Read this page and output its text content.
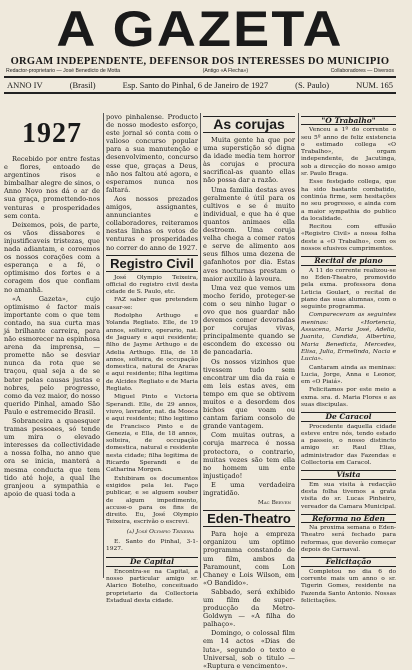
A GAZETA
ORGAM INDEPENDENTE, DEFENSOR DOS INTERESSES DO MUNICIPIO
Redactor-proprietario — José Benedicto de Motta	(Antigo «A Flecha»)	Collaboradores — Diversos
ANNO IV	(Brasil)	Esp. Santo do Pinhal, 6 de Janeiro de 1927	(S. Paulo)	NUM. 165
1927

Recebido por entre festas e flores, entoado de argentinos risos e bimbalhar alegre de sinos, o Anno Novo nos dá o ar de sua graça, promettendo-nos venturas e prosperidades sem conta.

Deixemos, pois, de parte, os vãos dissabores e injustificaveis tristezas, que nada adiantam, e coroemos os nossos corações com a esperança e a fé, o optimismo dos fortes e a coragem dos que confiam no amanhã.

«A Gazeta», cujo optimismo é factor mais importante com o que tem contado, na sua curta mas já brilhante carreira, para não esmorecer na espinhosa arena da imprensa, — promette não se desviar nunca da rota que se traçou, qual seja a de se bater pelas causas justas e nobres, pelo progresso, como da vez maior, do nosso querido Pinhal, amado São Paulo e estremecido Brasil.

Sobranceira a quaesquer tramas pessoaes, só tende um mira o elevado interesses da collectividade a nossa folha, no anno que ora se inicia, manterá a mesma conducta que tem tido até hoje, a qual lhe granjeou a sympathia e apoio de quasi toda a

povo pinhalense. Producto de nosso modesto esforço, este jornal só conta com o valioso concurso popular para a sua manutenção e desenvolvimento, concurso esse que, graças a Deus, não nos faltou até agora, e esperamos nunca nos faltará.

Aos nossos prezados amigos, assignantes, annunciantes e collaboradores, reiteramos nestas linhas os votos de venturas e prosperidades no correr do anno de 1927.

Registro Civil

José Olympio Teixeira, official do registro civil desta cidade de S. Paulo, etc.

FAZ saber que pretendem casar-se:

Rodolpho Arthugo e Yolanda Regliato. Elle, de 19 annos, solteiro, operario, nat. de Jaguary e aqui residente; filho de Jayme Arthugo e de Adelia Arthugo. Ella, de 18 annos, solteira, de occupação domestica, natural de Araras e aqui residente; filha legitima de Alcides Regliato e de Maria Regliato.

Miguel Pinto e Victoria Sperandi. Elle, de 29 annos, viuvo, lavrador, nat. da Mooca e aqui residente; filho legitimo de Francisco Pinto e de Genezia, e Ella, de 18 annos, solteira, de occupação domestica, natural e residente nesta cidade; filha legitima de Ricardo Sperandi e de Catharina Morgen.

Exhibiram os documentos exigidos pela lei. Faço publicar, e se alguem souber de algum impedimento, accuse-o para os fins de direito. Eu, José Olympio Teixeira, escrivão o escrevi.

(a) José Olympio Teixeira

E. Santo do Pinhal, 3-1-1927.

De Capital

Encontra-se na Capital, a nosso particular amigo sr. Alarico Botelho, conceituado proprietario da Collectoria Estadual desta cidade.

As corujas

Muita gente ha que por uma superstição só digna da idade media tem horror às corujas e procura sacrifical-as quanto ellas não possa dar a razão.

Uma familia destas aves geralmente é útil para os cultivos e se é muito individual, e que ha é que quantos animaes ella destroem. Uma coruja velha chega a comer ratos e serve de alimento aos seus filhos uma dezena de gafanhotos por dia. Estas aves nocturnas prestam o maior auxilio à lavoura.

Uma vez que vemos um mocho ferido, proteger-se com o seu ninho lugar o ovo que nos guardar não devemos comer devoradas por corujas vivas, principalmente quando se escondem do excesso ou de pancadaria.

Os nossos vizinhos que tivessem tudo sem encontrar um dia da raia e em leis estas aves, em tempo em que se obtivem muitos e a desordem dos bichos que voam ou cantam fariam consolo de grande vantagem.

Com muitas outras, a coruja marreca é nossa protectora, o contrario, muitas vezes são tem ella no homem um ente injustiçado!

E uma verdadeira ingratidão.

Mac Beeven
Eden-Theatro

Para hoje a empreza organizou um optimo programma constando de um film, ambos da Paramount, com Lon Chaney e Lois Wilson, em «O Bandido».

Sabbado, será exhibido um film de super-producção da Metro-Goldwyn — «A filha do palhaço».

Domingo, o colossal film em 14 actos «Dias de luta», segundo o texto e Universal, sob o titulo — «Ruptura e vencimento».

"O Trabalho"

Venceu a 1º do corrente o seu 5º anno de feliz existencia o estimado collega «O Trabalho», orgam independente, de Jacutinga, sob a direcção do nosso amigo sr. Paulo Braga.

Esse festejado collega, que ha sido bastante combatido, continúa firme, sem hesitações no seu progresso, e ainda com a maior sympathia do publico da localidade.

Recitou com effusão «Registro Civil» a nossa folha deste a «O Trabalho», com os nossos efusivos cumprimentos.

Recital de piano

A 11 do corrente realizou-se no Eden-Theatro, promovido pela exma. professora dona Leticia Goulart, o recital de piano das suas alumnas, com o seguinte programma.

Compareceram as seguintes meninas: «Hortencia, Assucena, Maria José, Adelia, Juanita, Candida, Albertina, Maria Benedicta, Mercedes, Elisa, Julia, Ermelinda, Nacia e Lucia».

Cantaram ainda as meninas: Lucia, Jorge, Anna e Leonor, em «O Piaiá».

Felicitamos por este meio a exma. sra. d. Maria Flores e as suas discipulas.

De Caracol

Procedente daquella cidade esteve entre nós, tendo estado a passeio, o nosso distincto amigo sr. Raul Elias, administrador das Fazendas e Collectoria em Caracol.

Visita

Em sua visita à redacção desta folha tivemos a grata visita do sr. Lucas Pinheiro, vereador da Camara Municipal.

Reforma no Eden

Na proxima semana o Eden-Theatro será fechado para reformas, que deverão começar depois do Carnaval.

Felicitação

Completou no dia 6 do corrente mais um anno o sr. Tigerin Gomes, residente na Fazenda Santo Antonio. Nossas felicitações.
